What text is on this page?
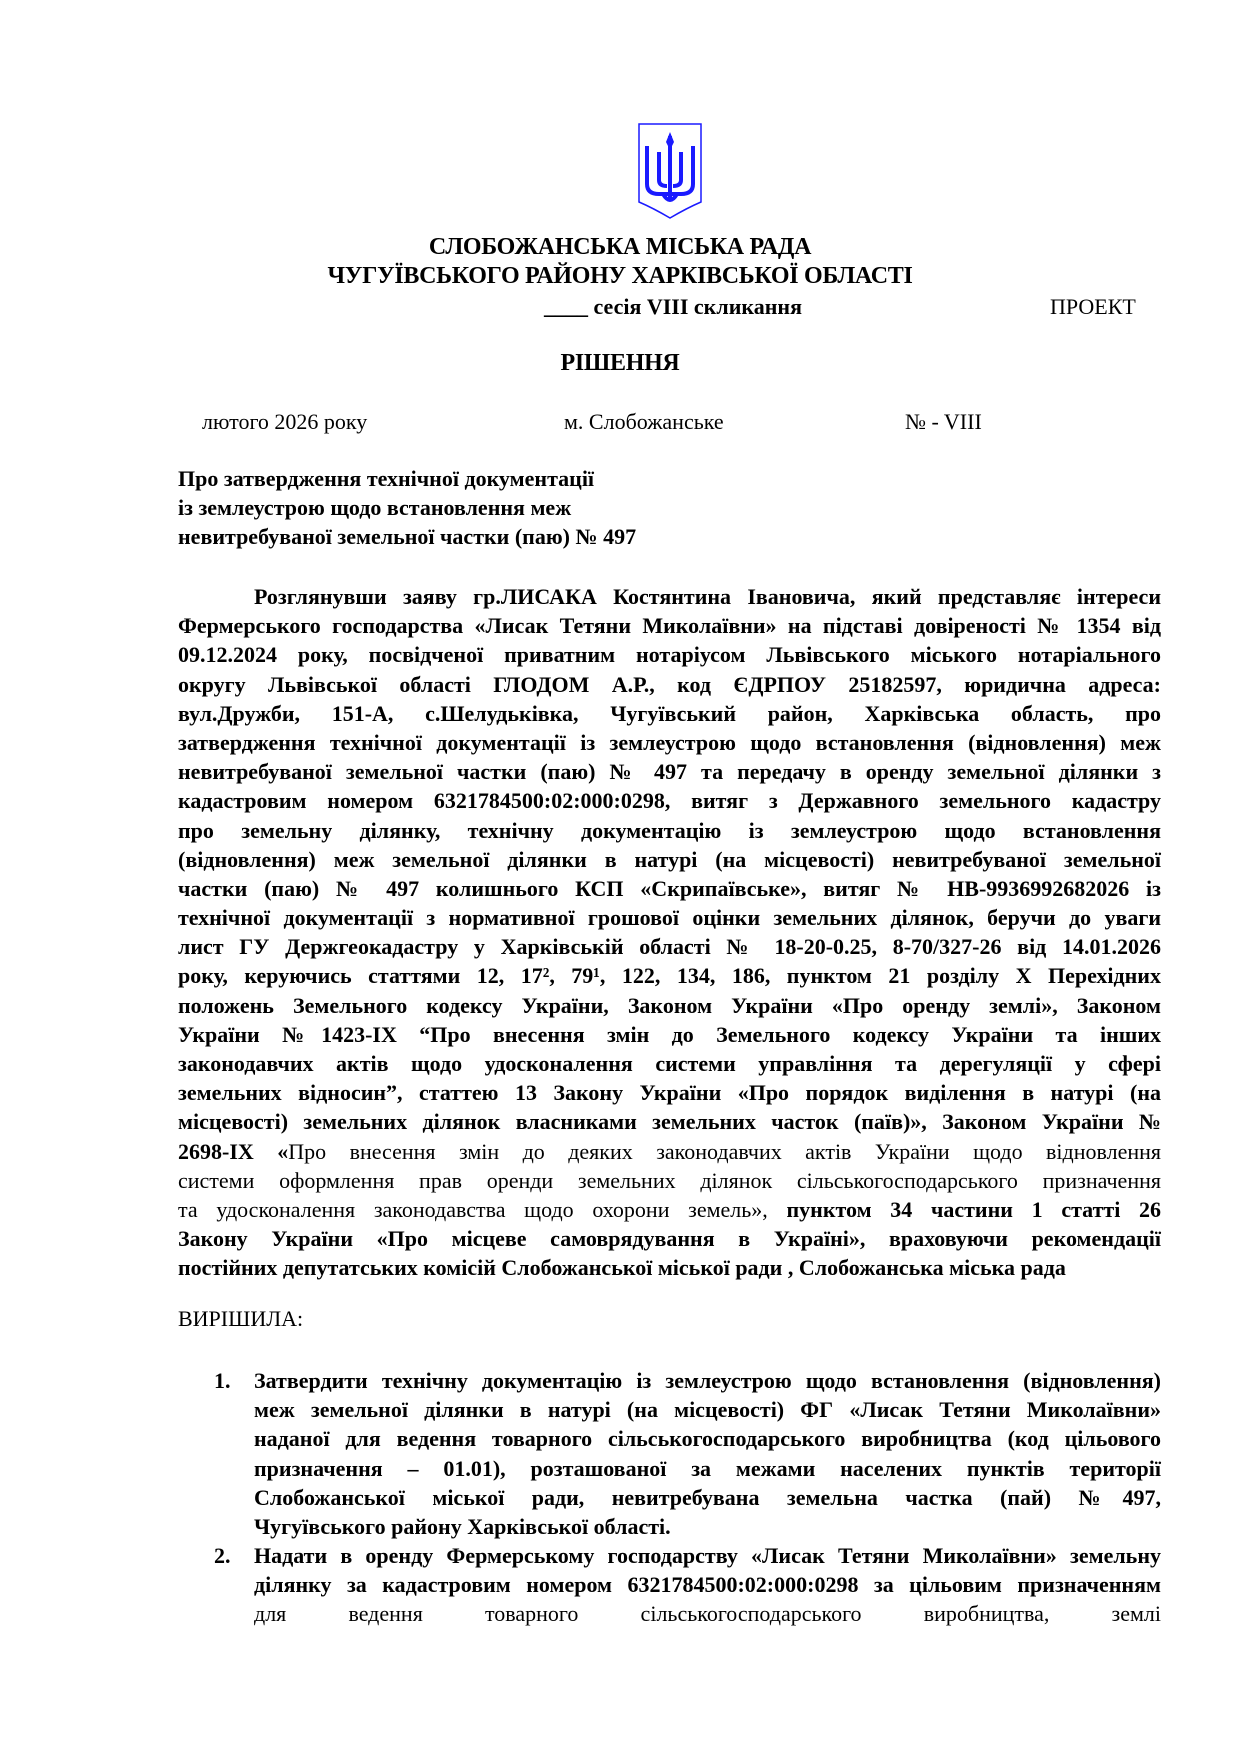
СЛОБОЖАНСЬКА МІСЬКА РАДА
ЧУГУЇВСЬКОГО РАЙОНУ ХАРКІВСЬКОЇ ОБЛАСТІ
____ сесія VIII скликання	ПРОЕКТ
РІШЕННЯ
лютого 2026 року	м. Слобожанське	№ - VIII
Про затвердження технічної документації
із землеустрою щодо встановлення меж
невитребуваної земельної частки (паю) № 497
Розглянувши заяву гр.ЛИСАКА Костянтина Івановича, який представляє інтереси
Фермерського господарства «Лисак Тетяни Миколаївни» на підставі довіреності № 1354 від
09.12.2024 року, посвідченої приватним нотаріусом Львівського міського нотаріального
округу Львівської області ГЛОДОМ А.Р., код ЄДРПОУ 25182597, юридична адреса:
вул.Дружби, 151-А, с.Шелудьківка, Чугуївський район, Харківська область, про
затвердження технічної документації із землеустрою щодо встановлення (відновлення) меж
невитребуваної земельної частки (паю) № 497 та передачу в оренду земельної ділянки з
кадастровим номером 6321784500:02:000:0298, витяг з Державного земельного кадастру
про земельну ділянку, технічну документацію із землеустрою щодо встановлення
(відновлення) меж земельної ділянки в натурі (на місцевості) невитребуваної земельної
частки (паю) № 497 колишнього КСП «Скрипаївське», витяг № НВ-9936992682026 із
технічної документації з нормативної грошової оцінки земельних ділянок, беручи до уваги
лист ГУ Держгеокадастру у Харківській області № 18-20-0.25, 8-70/327-26 від 14.01.2026
року, керуючись статтями 12, 17², 79¹, 122, 134, 186, пунктом 21 розділу Х Перехідних
положень Земельного кодексу України, Законом України «Про оренду землі», Законом
України №1423-IX “Про внесення змін до Земельного кодексу України та інших
законодавчих актів щодо удосконалення системи управління та дерегуляції у сфері
земельних відносин”, статтею 13 Закону України «Про порядок виділення в натурі (на
місцевості) земельних ділянок власниками земельних часток (паїв)», Законом України №
2698-IX «Про внесення змін до деяких законодавчих актів України щодо відновлення
системи оформлення прав оренди земельних ділянок сільськогосподарського призначення
та удосконалення законодавства щодо охорони земель», пунктом 34 частини 1 статті 26
Закону України «Про місцеве самоврядування в Україні», враховуючи рекомендації
постійних депутатських комісій Слобожанської міської ради , Слобожанська міська рада
ВИРІШИЛА:
1. Затвердити технічну документацію із землеустрою щодо встановлення (відновлення)
меж земельної ділянки в натурі (на місцевості) ФГ «Лисак Тетяни Миколаївни»
наданої для ведення товарного сільськогосподарського виробництва (код цільового
призначення – 01.01), розташованої за межами населених пунктів території
Слобожанської міської ради, невитребувана земельна частка (пай) №497,
Чугуївського району Харківської області.
2. Надати в оренду Фермерському господарству «Лисак Тетяни Миколаївни» земельну
ділянку за кадастровим номером 6321784500:02:000:0298 за цільовим призначенням
для ведення товарного сільськогосподарського виробництва, землі
